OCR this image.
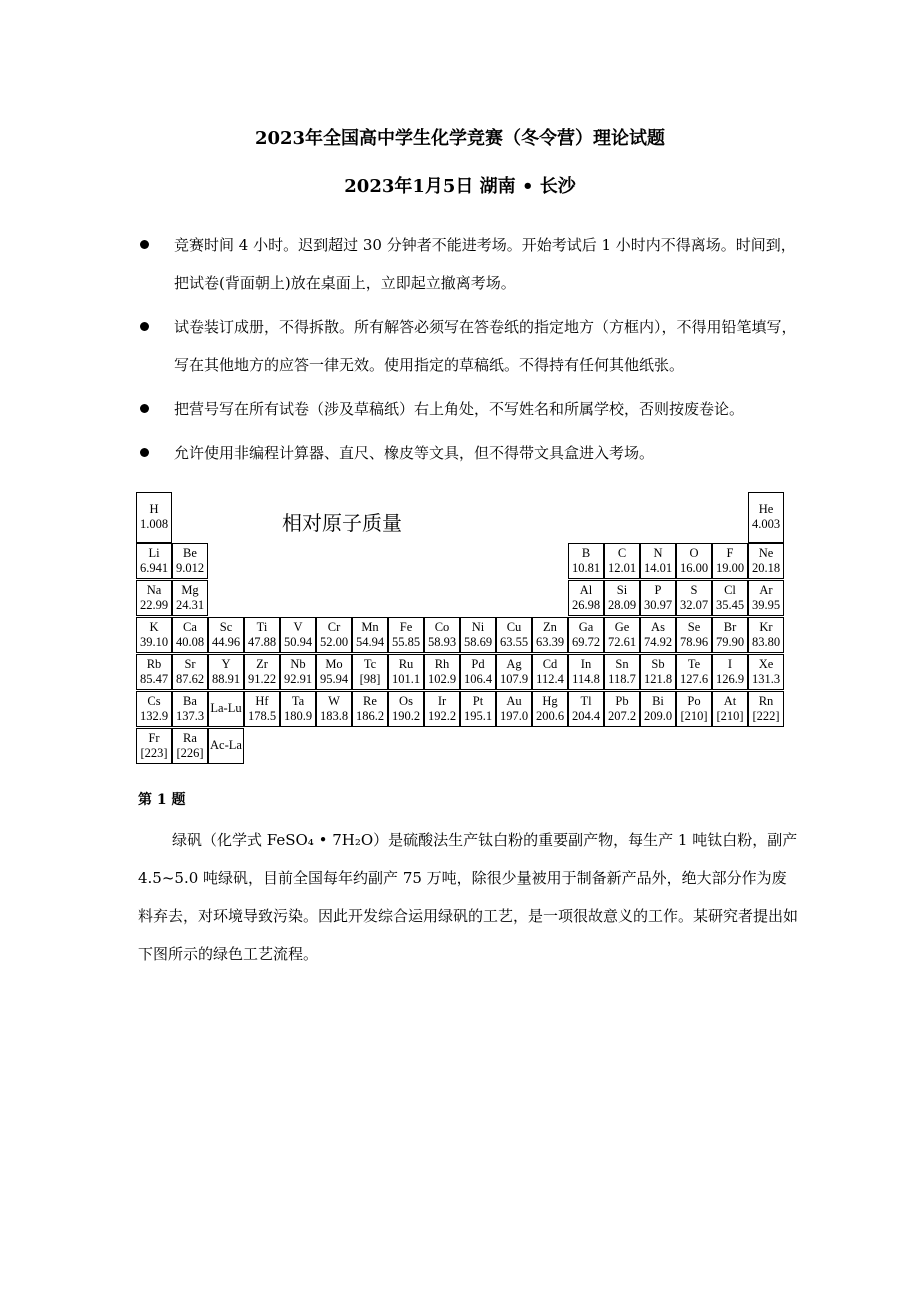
2023年全国高中学生化学竞赛（冬令营）理论试题
2023年1月5日 湖南 • 长沙
竞赛时间 4 小时。迟到超过 30 分钟者不能进考场。开始考试后 1 小时内不得离场。时间到，把试卷(背面朝上)放在桌面上，立即起立撤离考场。
试卷装订成册，不得拆散。所有解答必须写在答卷纸的指定地方（方框内），不得用铅笔填写，写在其他地方的应答一律无效。使用指定的草稿纸。不得持有任何其他纸张。
把营号写在所有试卷（涉及草稿纸）右上角处，不写姓名和所属学校，否则按废卷论。
允许使用非编程计算器、直尺、橡皮等文具，但不得带文具盒进入考场。
相对原子质量
H
1.008
He
4.003
Li
6.941
Be
9.012
B
10.81
C
12.01
N
14.01
O
16.00
F
19.00
Ne
20.18
Na
22.99
Mg
24.31
Al
26.98
Si
28.09
P
30.97
S
32.07
Cl
35.45
Ar
39.95
K
39.10
Ca
40.08
Sc
44.96
Ti
47.88
V
50.94
Cr
52.00
Mn
54.94
Fe
55.85
Co
58.93
Ni
58.69
Cu
63.55
Zn
63.39
Ga
69.72
Ge
72.61
As
74.92
Se
78.96
Br
79.90
Kr
83.80
Rb
85.47
Sr
87.62
Y
88.91
Zr
91.22
Nb
92.91
Mo
95.94
Tc
[98]
Ru
101.1
Rh
102.9
Pd
106.4
Ag
107.9
Cd
112.4
In
114.8
Sn
118.7
Sb
121.8
Te
127.6
I
126.9
Xe
131.3
Cs
132.9
Ba
137.3
La-Lu	Hf
178.5
Ta
180.9
W
183.8
Re
186.2
Os
190.2
Ir
192.2
Pt
195.1
Au
197.0
Hg
200.6
Tl
204.4
Pb
207.2
Bi
209.0
Po
[210]
At
[210]
Rn
[222]
Fr
[223]
Ra
[226]
Ac-La
第 1 题

绿矾（化学式 FeSO₄ • 7H₂O）是硫酸法生产钛白粉的重要副产物，每生产 1 吨钛白粉，副产 4.5~5.0 吨绿矾，目前全国每年约副产 75 万吨，除很少量被用于制备新产品外，绝大部分作为废料弃去，对环境导致污染。因此开发综合运用绿矾的工艺，是一项很故意义的工作。某研究者提出如下图所示的绿色工艺流程。
